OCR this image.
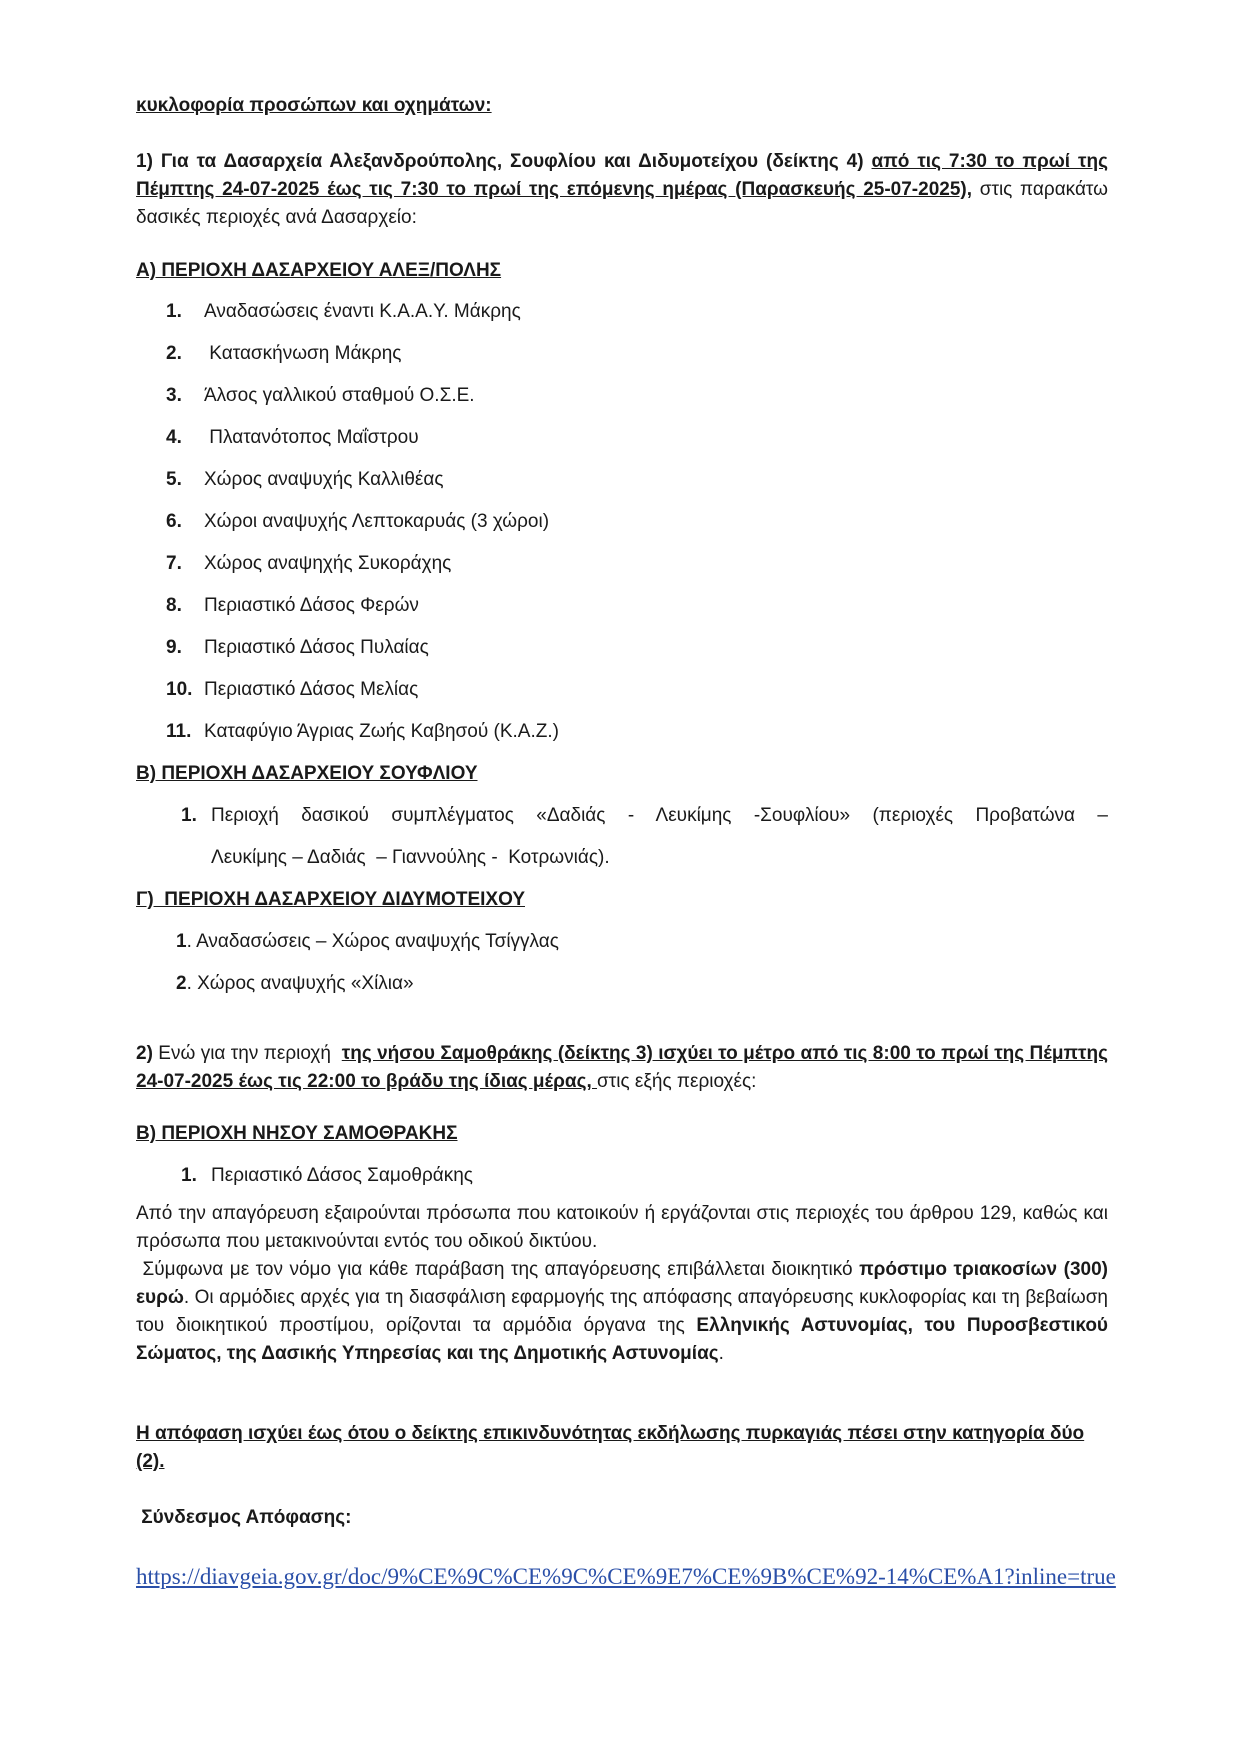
κυκλοφορία προσώπων και οχημάτων:
1) Για τα Δασαρχεία Αλεξανδρούπολης, Σουφλίου και Διδυμοτείχου (δείκτης 4) από τις 7:30 το πρωί της Πέμπτης 24-07-2025 έως τις 7:30 το πρωί της επόμενης ημέρας (Παρασκευής 25-07-2025), στις παρακάτω δασικές περιοχές ανά Δασαρχείο:
Α) ΠΕΡΙΟΧΗ ΔΑΣΑΡΧΕΙΟΥ ΑΛΕΞ/ΠΟΛΗΣ
1. Αναδασώσεις έναντι Κ.Α.Α.Υ. Μάκρης
2. Κατασκήνωση Μάκρης
3. Άλσος γαλλικού σταθμού Ο.Σ.Ε.
4. Πλατανότοπος Μαΐστρου
5. Χώρος αναψυχής Καλλιθέας
6. Χώροι αναψυχής Λεπτοκαρυάς (3 χώροι)
7. Χώρος αναψηχής Συκοράχης
8. Περιαστικό Δάσος Φερών
9. Περιαστικό Δάσος Πυλαίας
10. Περιαστικό Δάσος Μελίας
11. Καταφύγιο Άγριας Ζωής Καβησού (Κ.Α.Ζ.)
Β) ΠΕΡΙΟΧΗ ΔΑΣΑΡΧΕΙΟΥ ΣΟΥΦΛΙΟΥ
1. Περιοχή δασικού συμπλέγματος «Δαδιάς - Λευκίμης -Σουφλίου» (περιοχές Προβατώνα –
Λευκίμης – Δαδιάς  – Γιαννούλης -  Κοτρωνιάς).
Γ)  ΠΕΡΙΟΧΗ ΔΑΣΑΡΧΕΙΟΥ ΔΙΔΥΜΟΤΕΙΧΟΥ
1. Αναδασώσεις – Χώρος αναψυχής Τσίγγλας
2. Χώρος αναψυχής «Χίλια»
2) Ενώ για την περιοχή  της νήσου Σαμοθράκης (δείκτης 3) ισχύει το μέτρο από τις 8:00 το πρωί της Πέμπτης 24-07-2025 έως τις 22:00 το βράδυ της ίδιας μέρας, στις εξής περιοχές:
Β) ΠΕΡΙΟΧΗ ΝΗΣΟΥ ΣΑΜΟΘΡΑΚΗΣ
1. Περιαστικό Δάσος Σαμοθράκης
Από την απαγόρευση εξαιρούνται πρόσωπα που κατοικούν ή εργάζονται στις περιοχές του άρθρου 129, καθώς και πρόσωπα που μετακινούνται εντός του οδικού δικτύου.
Σύμφωνα με τον νόμο για κάθε παράβαση της απαγόρευσης επιβάλλεται διοικητικό πρόστιμο τριακοσίων (300) ευρώ. Οι αρμόδιες αρχές για τη διασφάλιση εφαρμογής της απόφασης απαγόρευσης κυκλοφορίας και τη βεβαίωση του διοικητικού προστίμου, ορίζονται τα αρμόδια όργανα της Ελληνικής Αστυνομίας, του Πυροσβεστικού Σώματος, της Δασικής Υπηρεσίας και της Δημοτικής Αστυνομίας.
Η απόφαση ισχύει έως ότου ο δείκτης επικινδυνότητας εκδήλωσης πυρκαγιάς πέσει στην κατηγορία δύο (2).
Σύνδεσμος Απόφασης:
https://diavgeia.gov.gr/doc/9%CE%9C%CE%9C%CE%9E7%CE%9B%CE%92-14%CE%A1?inline=true
